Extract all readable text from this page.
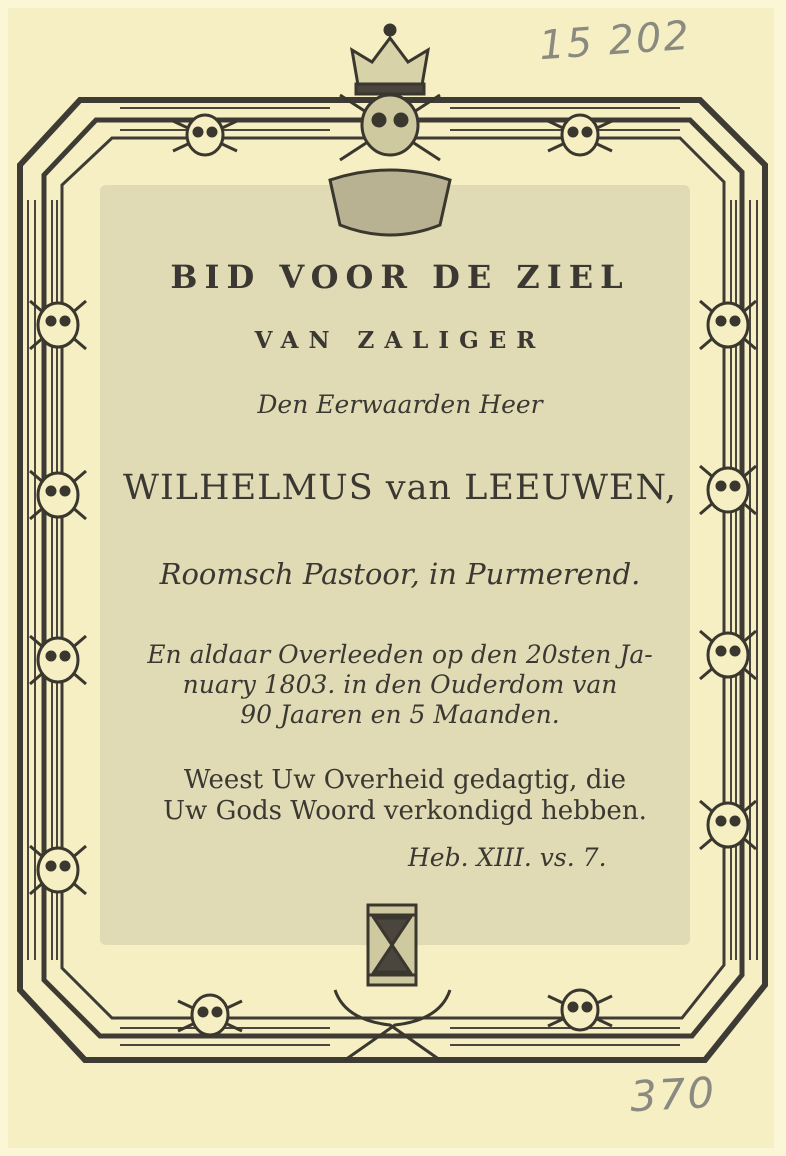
15 202
370
BID VOOR DE ZIEL
VAN ZALIGER
Den Eerwaarden Heer
WILHELMUS van LEEUWEN,
Roomsch Pastoor, in Purmerend.
En aldaar Overleeden op den 20sten Ja-
nuary 1803. in den Ouderdom van
90 Jaaren en 5 Maanden.
Weest Uw Overheid gedagtig, die
Uw Gods Woord verkondigd hebben.
Heb. XIII. vs. 7.
